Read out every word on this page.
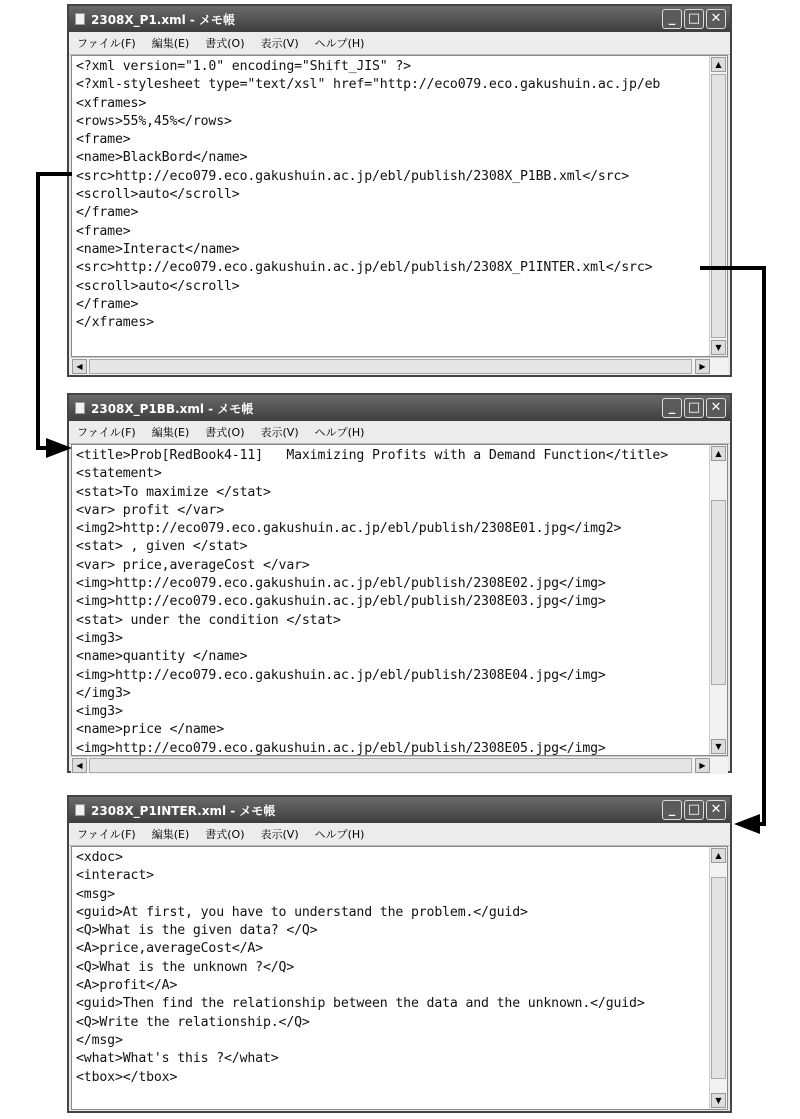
2308X_P1.xml - メモ帳	_ □ ✕
ファイル(F) 編集(E) 書式(O) 表示(V) ヘルプ(H)
<?xml version="1.0" encoding="Shift_JIS" ?>
<?xml-stylesheet type="text/xsl" href="http://eco079.eco.gakushuin.ac.jp/eb
<xframes>
<rows>55%,45%</rows>
<frame>
<name>BlackBord</name>
<src>http://eco079.eco.gakushuin.ac.jp/ebl/publish/2308X_P1BB.xml</src>
<scroll>auto</scroll>
</frame>
<frame>
<name>Interact</name>
<src>http://eco079.eco.gakushuin.ac.jp/ebl/publish/2308X_P1INTER.xml</src>
<scroll>auto</scroll>
</frame>
</xframes>
▲
▼
◀	▶
2308X_P1BB.xml - メモ帳	_ □ ✕
ファイル(F) 編集(E) 書式(O) 表示(V) ヘルプ(H)
<title>Prob[RedBook4-11]   Maximizing Profits with a Demand Function</title>
<statement>
<stat>To maximize </stat>
<var> profit </var>
<img2>http://eco079.eco.gakushuin.ac.jp/ebl/publish/2308E01.jpg</img2>
<stat> , given </stat>
<var> price,averageCost </var>
<img>http://eco079.eco.gakushuin.ac.jp/ebl/publish/2308E02.jpg</img>
<img>http://eco079.eco.gakushuin.ac.jp/ebl/publish/2308E03.jpg</img>
<stat> under the condition </stat>
<img3>
<name>quantity </name>
<img>http://eco079.eco.gakushuin.ac.jp/ebl/publish/2308E04.jpg</img>
</img3>
<img3>
<name>price </name>
<img>http://eco079.eco.gakushuin.ac.jp/ebl/publish/2308E05.jpg</img>
▲
▼
◀	▶
2308X_P1INTER.xml - メモ帳	_ □ ✕
ファイル(F) 編集(E) 書式(O) 表示(V) ヘルプ(H)
<xdoc>
<interact>
<msg>
<guid>At first, you have to understand the problem.</guid>
<Q>What is the given data? </Q>
<A>price,averageCost</A>
<Q>What is the unknown ?</Q>
<A>profit</A>
<guid>Then find the relationship between the data and the unknown.</guid>
<Q>Write the relationship.</Q>
</msg>
<what>What's this ?</what>
<tbox></tbox>
▲
▼
